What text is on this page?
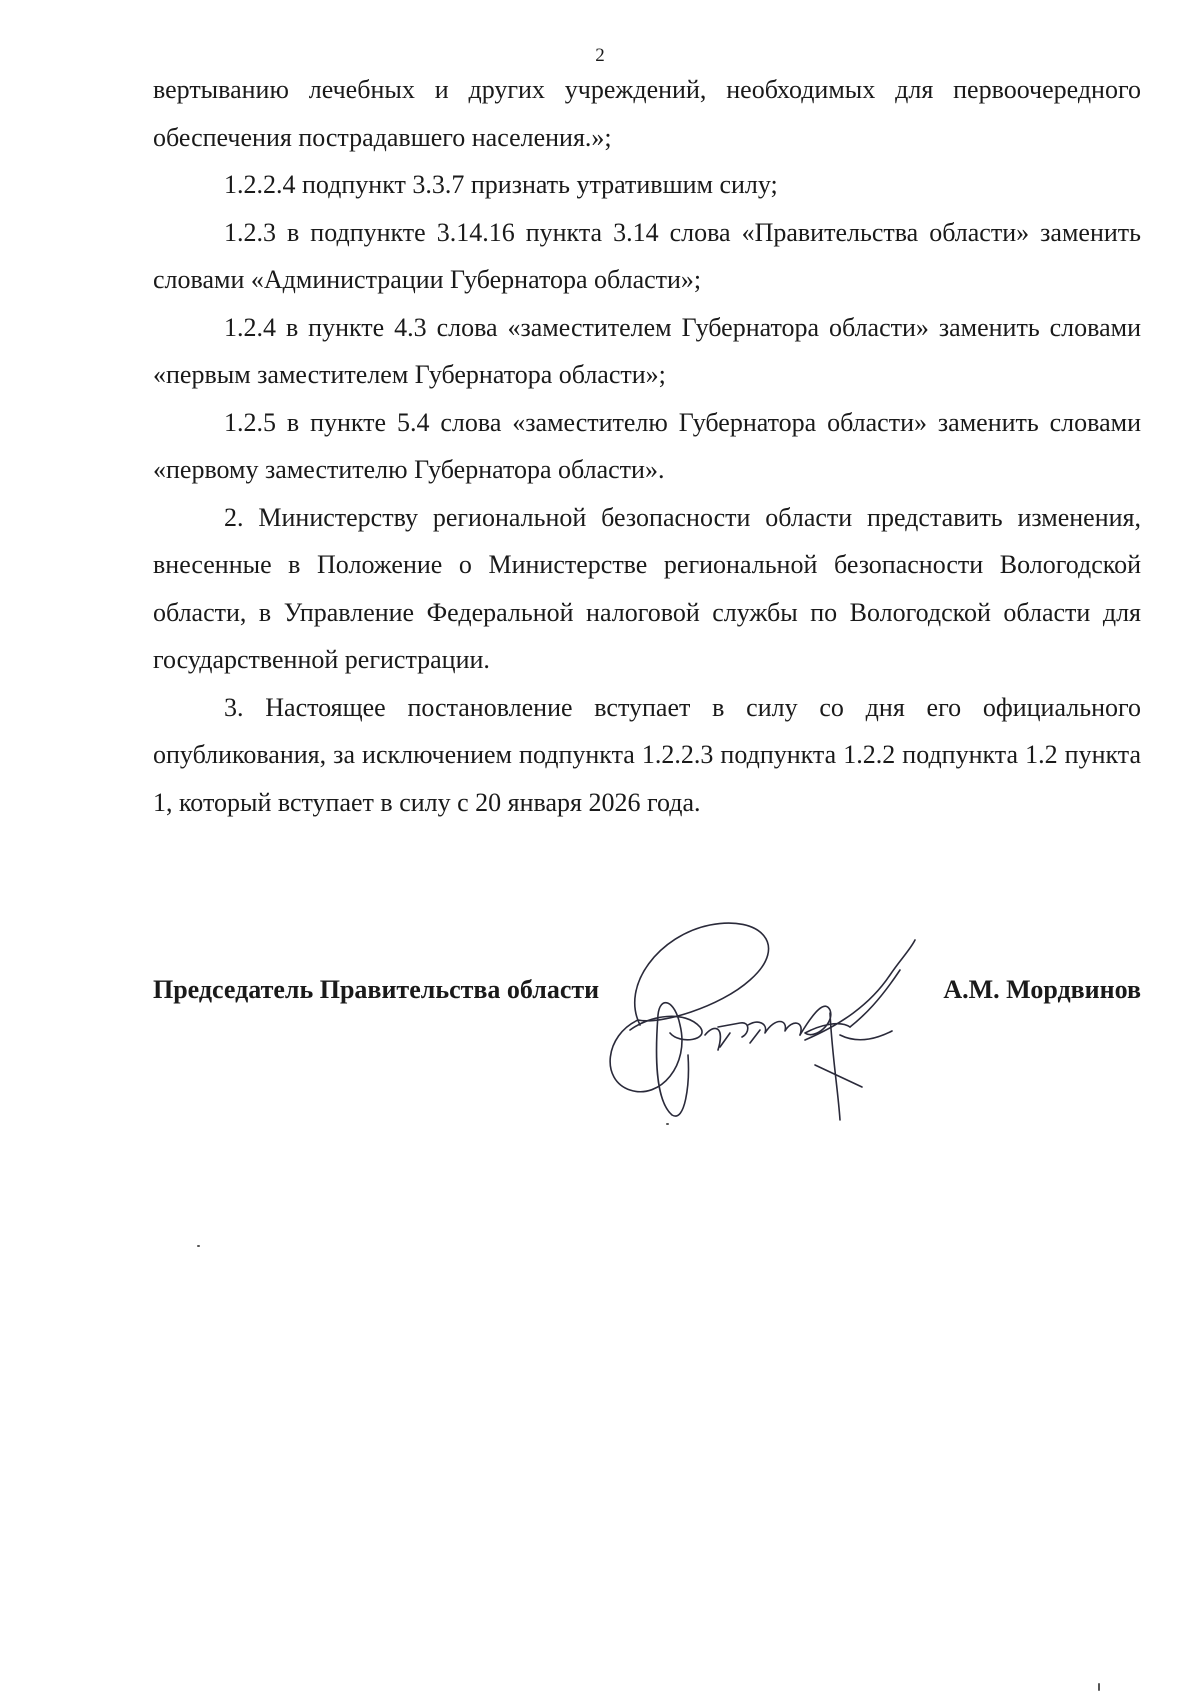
2

вертыванию лечебных и других учреждений, необходимых для первоочередного обеспечения пострадавшего населения.»;

1.2.2.4 подпункт 3.3.7 признать утратившим силу;

1.2.3 в подпункте 3.14.16 пункта 3.14 слова «Правительства области» заменить словами «Администрации Губернатора области»;

1.2.4 в пункте 4.3 слова «заместителем Губернатора области» заменить словами «первым заместителем Губернатора области»;

1.2.5 в пункте 5.4 слова «заместителю Губернатора области» заменить словами «первому заместителю Губернатора области».

2. Министерству региональной безопасности области представить изменения, внесенные в Положение о Министерстве региональной безопасности Вологодской области, в Управление Федеральной налоговой службы по Вологодской области для государственной регистрации.

3. Настоящее постановление вступает в силу со дня его официального опубликования, за исключением подпункта 1.2.2.3 подпункта 1.2.2 подпункта 1.2 пункта 1, который вступает в силу с 20 января 2026 года.

Председатель Правительства области	А.М. Мордвинов
